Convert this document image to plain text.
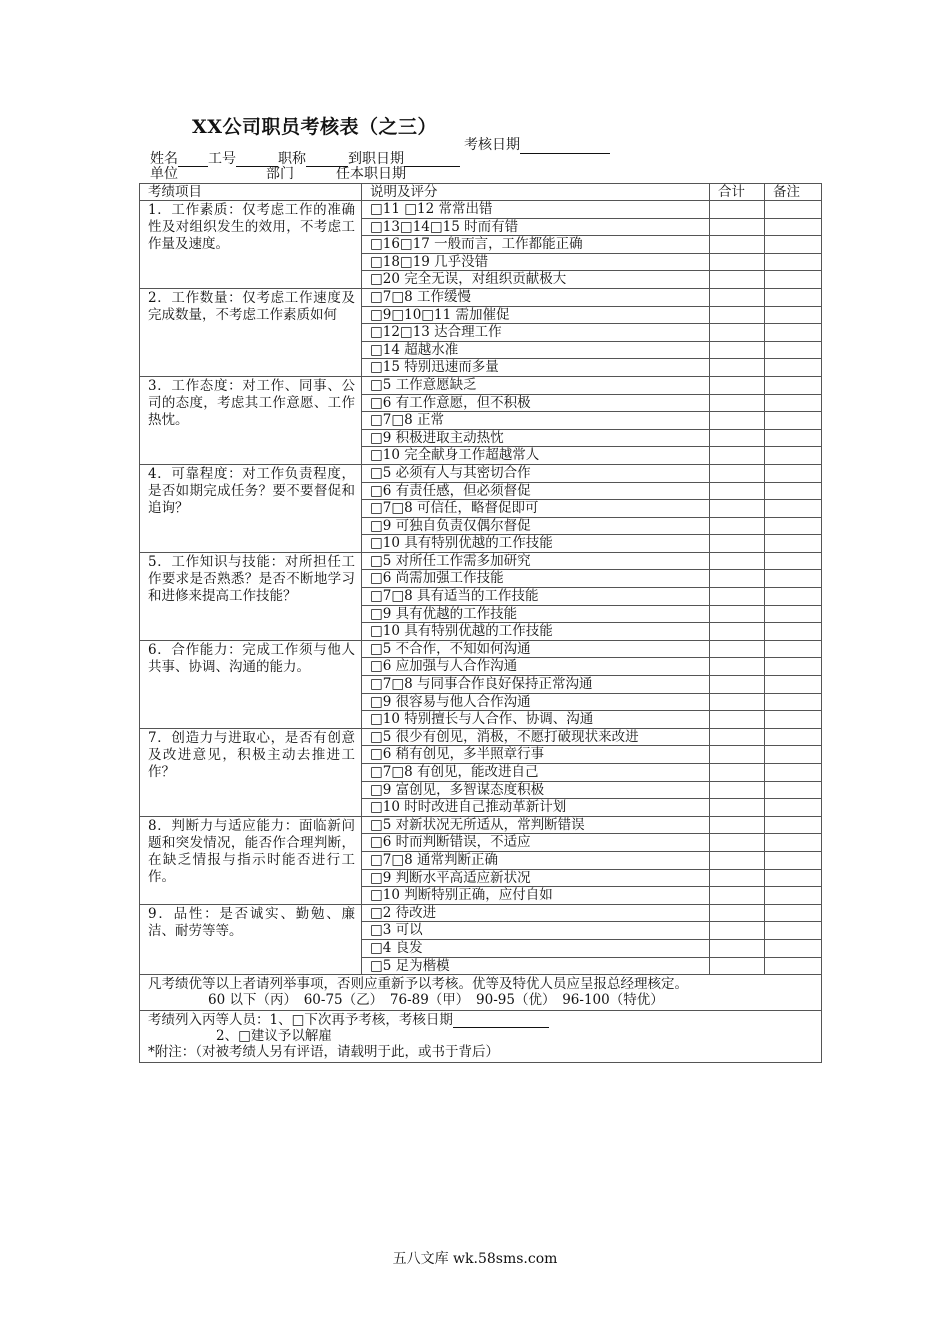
XX公司职员考核表（之三）
考核日期
姓名 工号	职称	到职日期
单位	部门	任本职日期
考绩项目	说明及评分	合计	备注
1．工作素质：仅考虑工作的准确性及对组织发生的效用，不考虑工作量及速度。	□11 □12 常常出错		
	□13□14□15 时而有错		
	□16□17 一般而言，工作都能正确		
	□18□19 几乎没错		
	□20 完全无误，对组织贡献极大		
2．工作数量：仅考虑工作速度及完成数量，不考虑工作素质如何	□7□8 工作缓慢		
	□9□10□11 需加催促		
	□12□13 达合理工作		
	□14 超越水准		
	□15 特别迅速而多量		
3．工作态度：对工作、同事、公司的态度，考虑其工作意愿、工作热忱。	□5 工作意愿缺乏		
	□6 有工作意愿，但不积极		
	□7□8 正常		
	□9 积极进取主动热忱		
	□10 完全献身工作超越常人		
4．可靠程度：对工作负责程度，是否如期完成任务？要不要督促和追询？	□5 必须有人与其密切合作		
	□6 有责任感，但必须督促		
	□7□8 可信任，略督促即可		
	□9 可独自负责仅偶尔督促		
	□10 具有特别优越的工作技能		
5．工作知识与技能：对所担任工作要求是否熟悉？是否不断地学习和进修来提高工作技能？	□5 对所任工作需多加研究		
	□6 尚需加强工作技能		
	□7□8 具有适当的工作技能		
	□9 具有优越的工作技能		
	□10 具有特别优越的工作技能		
6．合作能力：完成工作须与他人共事、协调、沟通的能力。	□5 不合作，不知如何沟通		
	□6 应加强与人合作沟通		
	□7□8 与同事合作良好保持正常沟通		
	□9 很容易与他人合作沟通		
	□10 特别擅长与人合作、协调、沟通		
7．创造力与进取心，是否有创意及改进意见，积极主动去推进工作？	□5 很少有创见，消极，不愿打破现状来改进		
	□6 稍有创见，多半照章行事		
	□7□8 有创见，能改进自己		
	□9 富创见，多智谋态度积极		
	□10 时时改进自己推动革新计划		
8．判断力与适应能力：面临新问题和突发情况，能否作合理判断，在缺乏情报与指示时能否进行工作。	□5 对新状况无所适从，常判断错误		
	□6 时而判断错误，不适应		
	□7□8 通常判断正确		
	□9 判断水平高适应新状况		
	□10 判断特别正确，应付自如		
9．品性：是否诚实、勤勉、廉洁、耐劳等等。	□2 待改进		
	□3 可以		
	□4 良发		
	□5 足为楷模		

凡考绩优等以上者请列举事项，否则应重新予以考核。优等及特优人员应呈报总经理核定。
60 以下（丙）　60-75（乙）　76-89（甲）　90-95（优）　96-100（特优）			

考绩列入丙等人员：1、□下次再予考核，考核日期
2、□建议予以解雇
*附注：（对被考绩人另有评语，请载明于此，或书于背后）			
五八文库 wk.58sms.com
